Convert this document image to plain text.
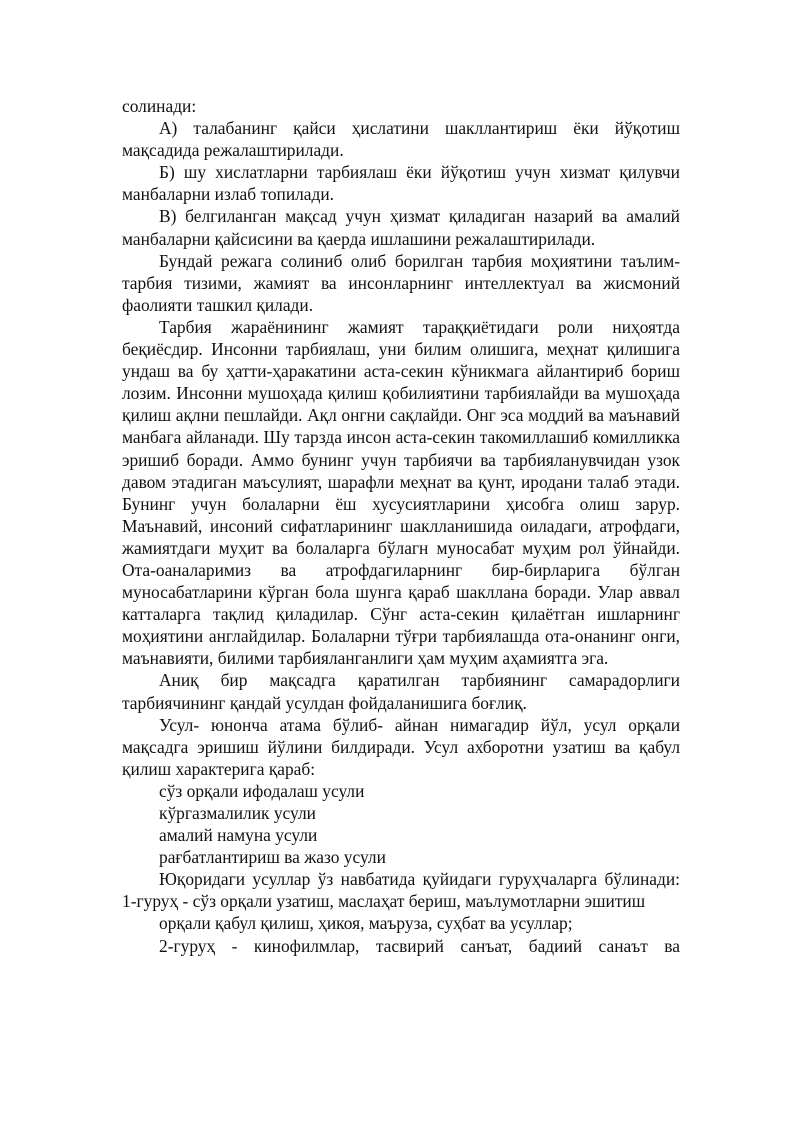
солинади:

А) талабанинг қайси ҳислатини шакллантириш ёки йўқотиш мақсадида режалаштирилади.

Б) шу хислатларни тарбиялаш ёки йўқотиш учун хизмат қилувчи манбаларни излаб топилади.

В) белгиланган мақсад учун ҳизмат қиладиган назарий ва амалий манбаларни қайсисини ва қаерда ишлашини режалаштирилади.

Бундай режага солиниб олиб борилган тарбия моҳиятини таълим-тарбия тизими, жамият ва инсонларнинг интеллектуал ва жисмоний фаолияти ташкил қилади.

Тарбия жараёнининг жамият тараққиётидаги роли ниҳоятда беқиёсдир. Инсонни тарбиялаш, уни билим олишига, меҳнат қилишига ундаш ва бу ҳатти-ҳаракатини аста-секин кўникмага айлантириб бориш лозим. Инсонни мушоҳада қилиш қобилиятини тарбиялайди ва мушоҳада қилиш ақлни пешлайди. Ақл онгни сақлайди. Онг эса моддий ва маънавий манбага айланади. Шу тарзда инсон аста-секин такомиллашиб комилликка эришиб боради. Аммо бунинг учун тарбиячи ва тарбияланувчидан узок давом этадиган маъсулият, шарафли меҳнат ва қунт, иродани талаб этади. Бунинг учун болаларни ёш хусусиятларини ҳисобга олиш зарур. Маънавий, инсоний сифатларининг шаклланишида оиладаги, атрофдаги, жамиятдаги муҳит ва болаларга бўлагн муносабат муҳим рол ўйнайди. Ота-оаналаримиз ва атрофдагиларнинг бир-бирларига бўлган муносабатларини кўрган бола шунга қараб шакллана боради. Улар аввал катталарга тақлид қиладилар. Сўнг аста-секин қилаётган ишларнинг моҳиятини англайдилар. Болаларни тўғри тарбиялашда ота-онанинг онги, маънавияти, билими тарбияланганлиги ҳам муҳим аҳамиятга эга.

Аниқ бир мақсадга қаратилган тарбиянинг самарадорлиги тарбиячининг қандай усулдан фойдаланишига боғлиқ.

Усул- юнонча атама бўлиб- айнан нимагадир йўл, усул орқали мақсадга эришиш йўлини билдиради. Усул ахборотни узатиш ва қабул қилиш характерига қараб:

сўз орқали ифодалаш усули

кўргазмалилик усули

амалий намуна усули

рағбатлантириш ва жазо усули

Юқоридаги усуллар ўз навбатида қуйидаги гуруҳчаларга бўлинади: 1-гуруҳ - сўз орқали узатиш, маслаҳат бериш, маълумотларни эшитиш

орқали қабул қилиш, ҳикоя, маъруза, суҳбат ва усуллар;

2-гуруҳ - кинофилмлар, тасвирий санъат, бадиий санаът ва
